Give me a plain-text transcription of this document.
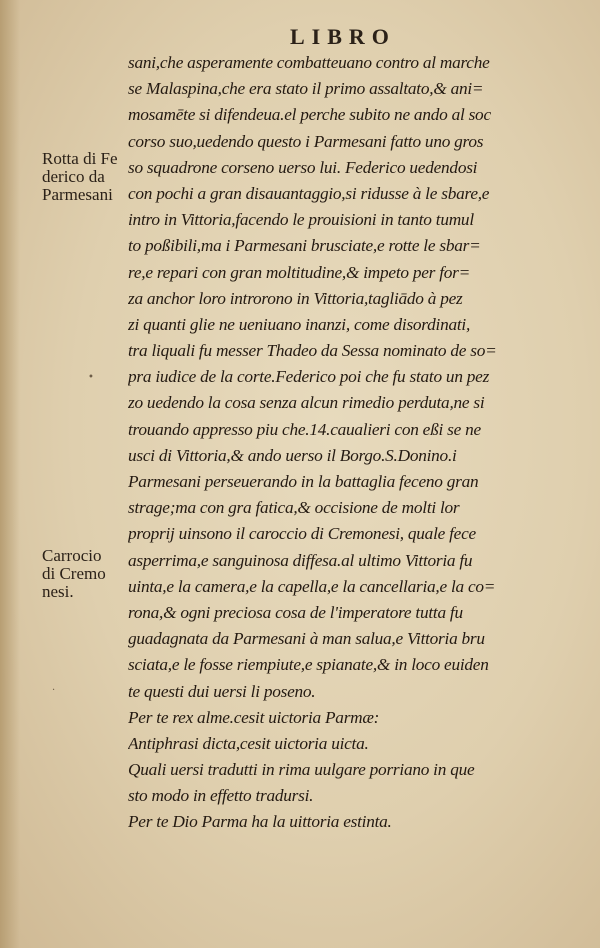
LIBRO
Rotta di Fe
derico da
Parmesani
Carrocio
di Cremo
nesi.
sani,che asperamente combatteuano contro al marche
se Malaspina,che era stato il primo assaltato,& ani=
mosamēte si difendeua.el perche subito ne ando al soc
corso suo,uedendo questo i Parmesani fatto uno gros
so squadrone corseno uerso lui. Federico uedendosi
con pochi a gran disauantaggio,si ridusse à le sbare,e
intro in Vittoria,facendo le prouisioni in tanto tumul
to poßibili,ma i Parmesani brusciate,e rotte le sbar=
re,e repari con gran moltitudine,& impeto per for=
za anchor loro introrono in Vittoria,tagliādo à pez
zi quanti glie ne ueniuano inanzi, come disordinati,
tra liquali fu messer Thadeo da Sessa nominato de so=
pra iudice de la corte.Federico poi che fu stato un pez
zo uedendo la cosa senza alcun rimedio perduta,ne si
trouando appresso piu che.14.caualieri con eßi se ne
usci di Vittoria,& ando uerso il Borgo.S.Donino.i
Parmesani perseuerando in la battaglia feceno gran
strage;ma con gra fatica,& occisione de molti lor
proprij uinsono il caroccio di Cremonesi, quale fece
asperrima,e sanguinosa diffesa.al ultimo Vittoria fu
uinta,e la camera,e la capella,e la cancellaria,e la co=
rona,& ogni preciosa cosa de l'imperatore tutta fu
guadagnata da Parmesani à man salua,e Vittoria bru
sciata,e le fosse riempiute,e spianate,& in loco euiden
te questi dui uersi li poseno.
Per te rex alme.cesit uictoria Parmæ:
Antiphrasi dicta,cesit uictoria uicta.
Quali uersi tradutti in rima uulgare porriano in que
sto modo in effetto tradursi.
Per te Dio Parma ha la uittoria estinta.
•
·
